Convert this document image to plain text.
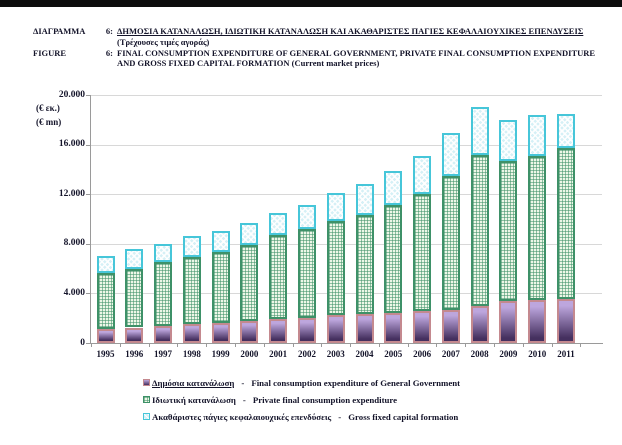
ΔΙΑΓΡΑΜΜΑ 6: ΔΗΜΟΣΙΑ ΚΑΤΑΝΑΛΩΣΗ, ΙΔΙΩΤΙΚΗ ΚΑΤΑΝΑΛΩΣΗ ΚΑΙ ΑΚΑΘΑΡΙΣΤΕΣ ΠΑΓΙΕΣ ΚΕΦΑΛΑΙΟΥΧΙΚΕΣ ΕΠΕΝΔΥΣΕΙΣ
(Τρέχουσες τιμές αγοράς)
FIGURE	6: FINAL CONSUMPTION EXPENDITURE OF GENERAL GOVERNMENT, PRIVATE FINAL CONSUMPTION EXPENDITURE
AND GROSS FIXED CAPITAL FORMATION (Current market prices)
(€ εκ.)
(€ mn)
0
4.000
8.000
12.000
16.000
20.000
1995	1996	1997	1998	1999	2000	2001	2002	2003	2004	2005	2006	2007	2008	2009	2010	2011
Δημόσια κατανάλωση - Final consumption expenditure of General Government
Ιδιωτική κατανάλωση - Private final consumption expenditure
Ακαθάριστες πάγιες κεφαλαιουχικές επενδύσεις - Gross fixed capital formation
